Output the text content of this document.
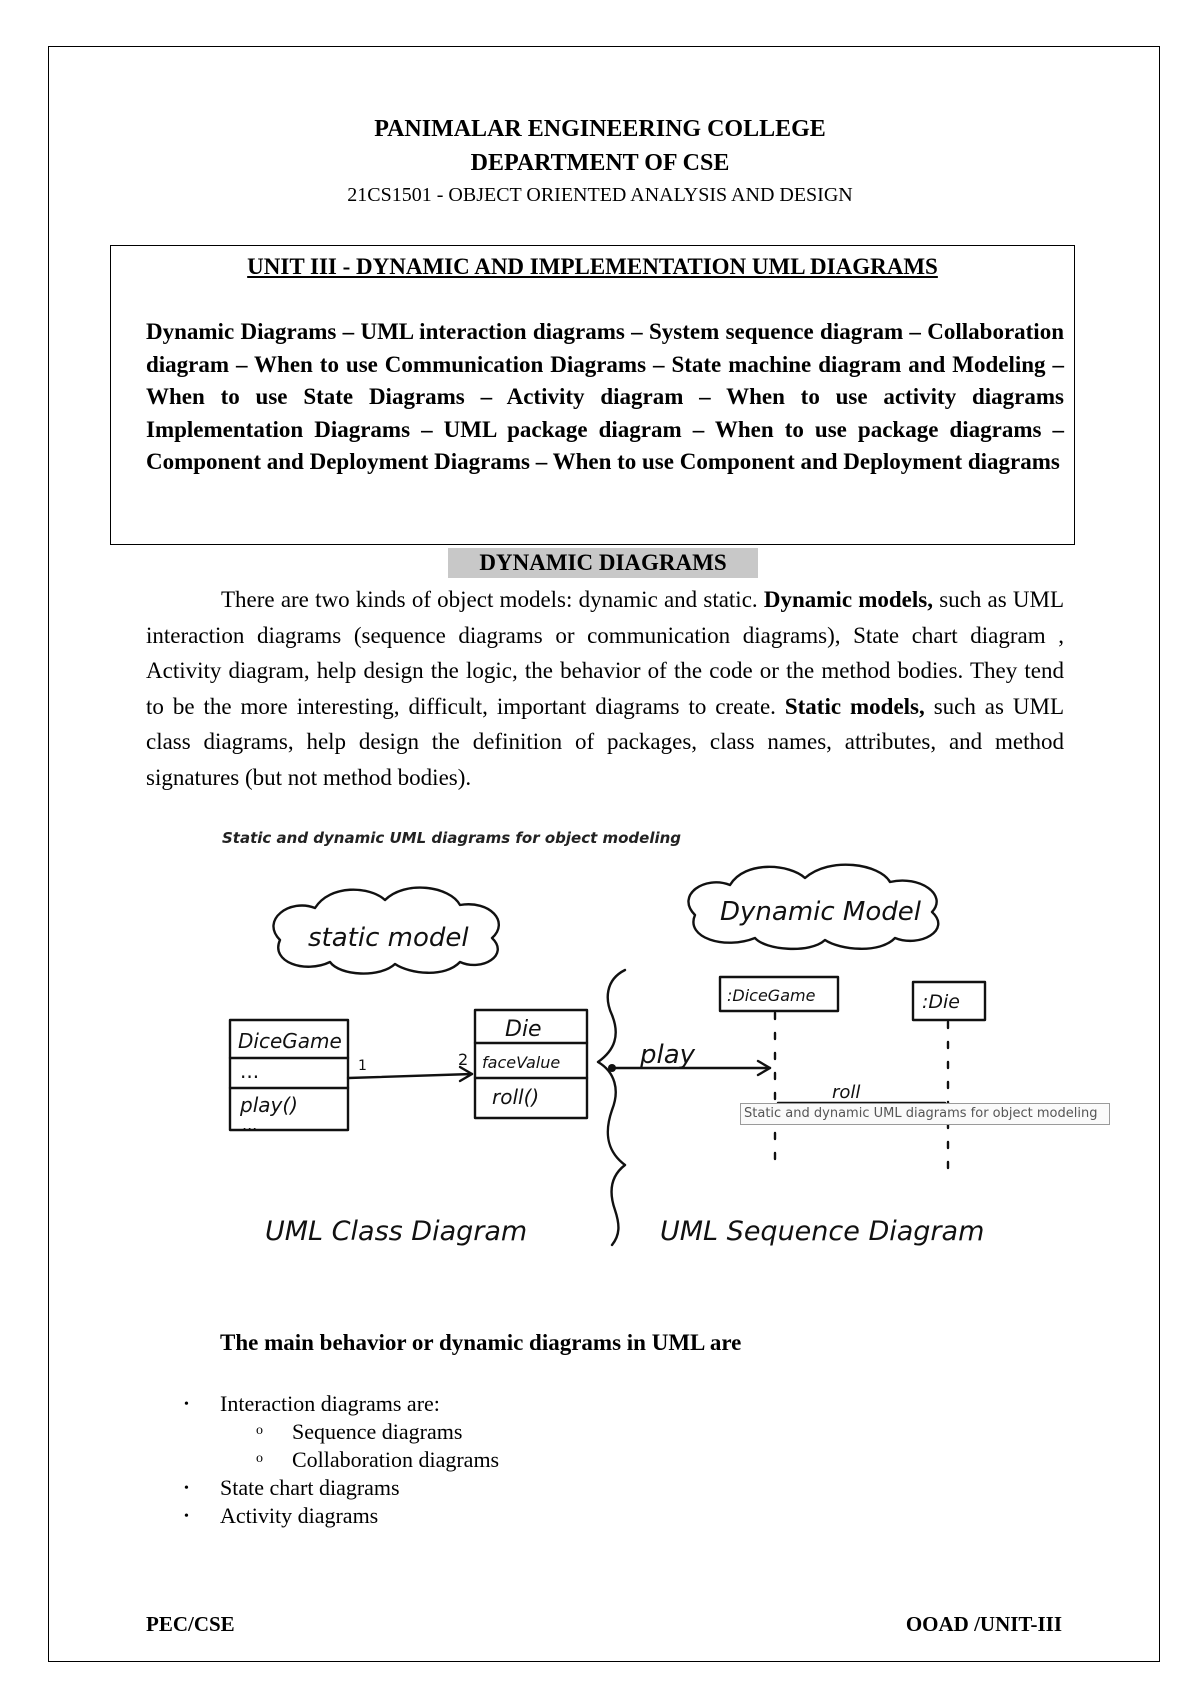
PANIMALAR ENGINEERING COLLEGE
DEPARTMENT OF CSE
21CS1501 - OBJECT ORIENTED ANALYSIS AND DESIGN
UNIT III - DYNAMIC AND IMPLEMENTATION UML DIAGRAMS
Dynamic Diagrams – UML interaction diagrams – System sequence diagram – Collaboration diagram – When to use Communication Diagrams – State machine diagram and Modeling –When to use State Diagrams – Activity diagram – When to use activity diagrams Implementation Diagrams – UML package diagram – When to use package diagrams – Component and Deployment Diagrams – When to use Component and Deployment diagrams
DYNAMIC DIAGRAMS
There are two kinds of object models: dynamic and static. Dynamic models, such as UML interaction diagrams (sequence diagrams or communication diagrams), State chart diagram , Activity diagram, help design the logic, the behavior of the code or the method bodies. They tend to be the more interesting, difficult, important diagrams to create. Static models, such as UML class diagrams, help design the definition of packages, class names, attributes, and method signatures (but not method bodies).
Static and dynamic UML diagrams for object modeling
static model
Dynamic Model
DiceGame
...
play()
...
Die
faceValue
roll()
1	2
:DiceGame	:Die
play
roll
UML Class Diagram	UML Sequence Diagram
Static and dynamic UML diagrams for object modeling
The main behavior or dynamic diagrams in UML are
• Interaction diagrams are:
o Sequence diagrams
o Collaboration diagrams
• State chart diagrams
• Activity diagrams
PEC/CSE	OOAD /UNIT-III
